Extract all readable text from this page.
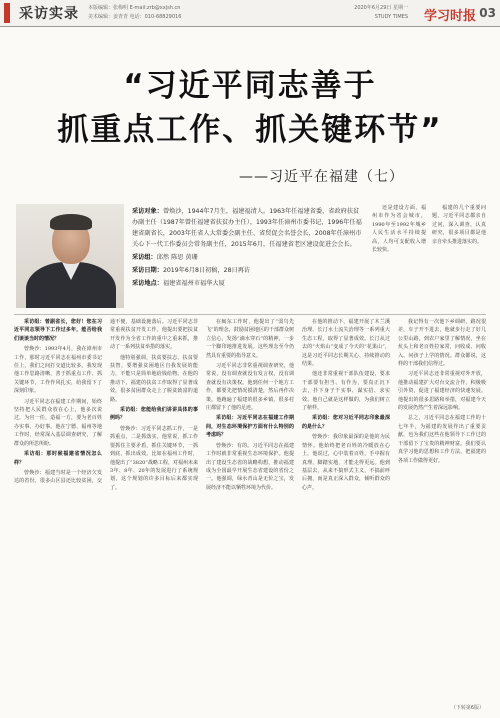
采访实录	本版编辑：张梅明 E-mail:zrb@xxjsh.cn
美术编辑：姜青青 电话：010-68829016
2020年6月29日 星期一
STUDY TIMES 学习时报 03
“习近平同志善于
抓重点工作、抓关键环节”
——习近平在福建（七）
采访对象：曾焕沙，1944年7月生，福建福清人。1963年任福建省委、省政府扶贫办副主任（1987年曾任福建省扶贫办主任），1993年任漳州市委书记，1996年任福建省副省长，2003年任省人大常委会副主任、省贸促会名誉会长，2008年任漳州市关心下一代工作委员会常务副主任，2015年6月，任福建省老区建设促进会会长。
采访组：邱然 陈思 黄珊
采访日期：2019年6月8日初稿，28日再访
采访地点：福建省福州市福华大厦

还是建设方面，福州市作为省会城市，1990年至1992年城乡人民生活水平持续提高，人均可支配收入增长较快。

福建的几个重要问题，习近平同志都亲自过问，深入调查，认真研究，很多项目都是他亲自牵头推进落实的。

采访组：曾副省长，您好！您在习近平同志领导下工作过多年，能否给我们谈谈当时的情况？

曾焕沙：1993年4月，我在漳州市工作，那时习近平同志在福州市委书记任上，我们之间打交道比较多。我发现他工作思路清晰，善于抓重点工作、抓关键环节，工作作风扎实，给我留下了深刻印象。

习近平同志在福建工作期间，始终坚持把人民群众放在心上，他多次说过，为官一任，造福一方，要为老百姓办实事、办好事。他在宁德、福州等地工作时，经常深入基层调查研究，了解群众的所思所盼。

采访组：那时候福建省情况怎么样？

曾焕沙：福建当时是一个经济欠发达的省份，很多山区县还比较贫困，交通不便，基础设施落后。习近平同志非常重视扶贫开发工作，他提出要把扶贫开发作为全省工作的重中之重来抓，推动了一系列扶贫举措的落实。

他特别强调，扶贫要扶志，扶贫要扶智，要增强贫困地区自我发展的能力，不能只是简单地给钱给物。在他的推动下，福建的扶贫工作取得了显著成效，很多贫困群众走上了脱贫致富的道路。

采访组：您能给我们讲讲具体的事例吗？

曾焕沙：习近平同志抓工作，一是抓重点，二是抓落实。他常说，抓工作要抓住主要矛盾，抓住关键环节，一抓到底，抓出成效。比如在福州工作时，他提出了“3820”战略工程，对福州未来3年、8年、20年的发展进行了系统规划，这个规划的许多目标后来都实现了。

在闽东工作时，他提出了“弱鸟先飞”的理念，鼓励贫困地区的干部群众树立信心，发扬“滴水穿石”的精神，一步一个脚印地推进发展。这些理念至今仍然具有重要的指导意义。

习近平同志非常重视调查研究，他常说，没有调查就没有发言权，没有调查就没有决策权。他到任何一个地方工作，都要先把情况摸清楚，然后再作决策。他跑遍了福建的很多乡镇，很多村庄都留下了他的足迹。

采访组：习近平同志在福建工作期间，对生态环境保护方面有什么特别的考虑吗？

曾焕沙：有的。习近平同志在福建工作时就非常重视生态环境保护。他提出了建设生态省的战略构想，推动福建成为全国最早开展生态省建设的省份之一。他强调，绿水青山是无价之宝，发展经济不能以牺牲环境为代价。

在他的推动下，福建开展了木兰溪治理、长汀水土流失治理等一系列重大生态工程，取得了显著成效。长汀从过去的“火焰山”变成了今天的“花果山”，这是习近平同志长期关心、持续推动的结果。

他还非常重视干部队伍建设，要求干部要有担当、有作为，要真正沉下去，扑下身子干实事、谋实招、求实效。他自己就是这样做的，为我们树立了榜样。

采访组：您对习近平同志印象最深的是什么？

曾焕沙：我印象最深的是他的为民情怀。他始终把老百姓的冷暖放在心上，他说过，心中装着百姓，手中握有真理，脚踏实地，才能走得更远。他到基层去，从来不搞形式主义，不搞前呼后拥，而是真正深入群众，倾听群众的心声。

我记得有一次他下乡调研，路况很差，车子开不进去，他就步行走了好几公里山路，到农户家里了解情况，坐在炕头上和老百姓拉家常，问收成、问收入、问孩子上学的情况。群众都说，这样的干部我们信得过。

习近平同志还非常重视对外开放，他推动福建扩大对台交流合作，积极吸引外资，促进了福建经济的快速发展。他提出的很多思路和举措，对福建今天的发展仍然产生着深远影响。

总之，习近平同志在福建工作的十七年半，为福建的发展作出了重要贡献，也为我们这些在他领导下工作过的干部留下了宝贵的精神财富。我们要认真学习他的思想和工作方法，把福建的各项工作做得更好。

（下转第6版）
